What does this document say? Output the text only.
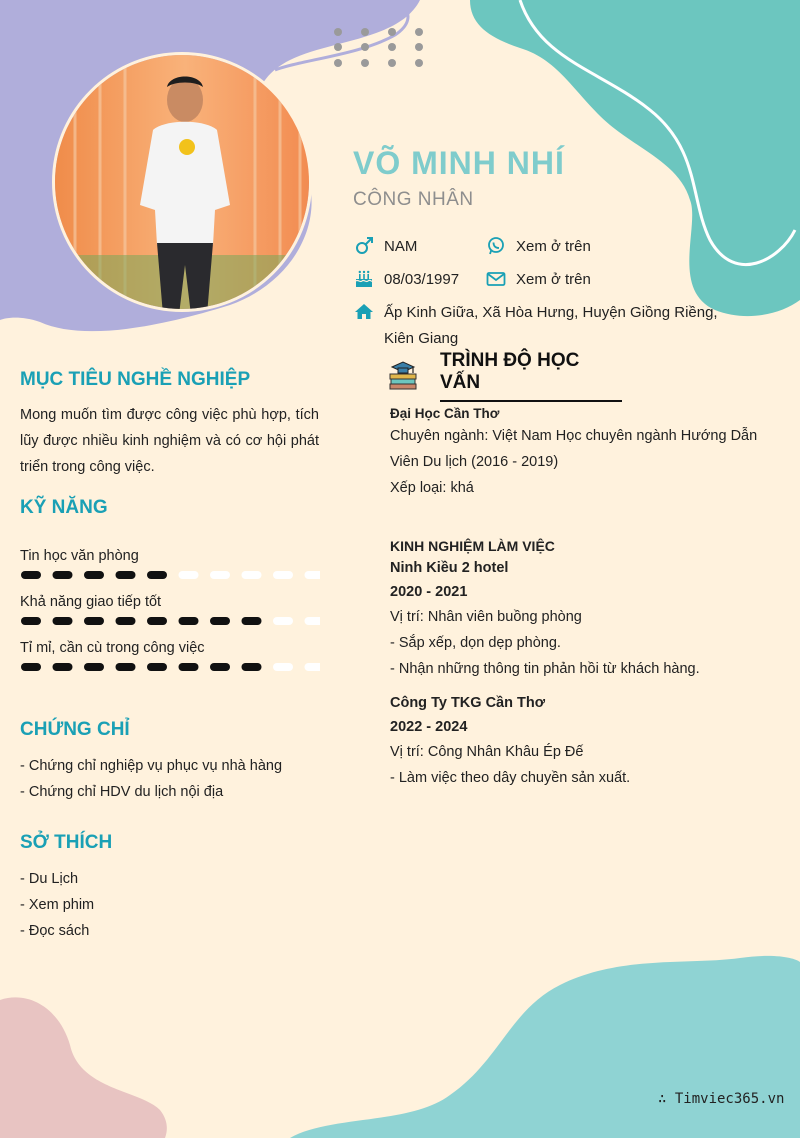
VÕ MINH NHÍ
CÔNG NHÂN
NAM	Xem ở trên
08/03/1997	Xem ở trên
Ấp Kinh Giữa, Xã Hòa Hưng, Huyện Giồng Riềng, Kiên Giang
MỤC TIÊU NGHỀ NGHIỆP
Mong muốn tìm được công việc phù hợp, tích lũy được nhiều kinh nghiệm và có cơ hội phát triển trong công việc.
KỸ NĂNG
Tin học văn phòng
Khả năng giao tiếp tốt
Tỉ mỉ, cần cù trong công việc
CHỨNG CHỈ
- Chứng chỉ nghiệp vụ phục vụ nhà hàng
- Chứng chỉ HDV du lịch nội địa
SỞ THÍCH
- Du Lịch
- Xem phim
- Đọc sách
TRÌNH ĐỘ HỌC VẤN
Đại Học Cần Thơ
Chuyên ngành: Việt Nam Học chuyên ngành Hướng Dẫn
Viên Du lịch (2016 - 2019)
Xếp loại: khá
KINH NGHIỆM LÀM VIỆC
Ninh Kiều 2 hotel
2020 - 2021
Vị trí: Nhân viên buồng phòng
- Sắp xếp, dọn dẹp phòng.
- Nhận những thông tin phản hồi từ khách hàng.
Công Ty TKG Cần Thơ
2022 - 2024
Vị trí: Công Nhân Khâu Ép Đế
- Làm việc theo dây chuyền sản xuất.
∴ Timviec365.vn
